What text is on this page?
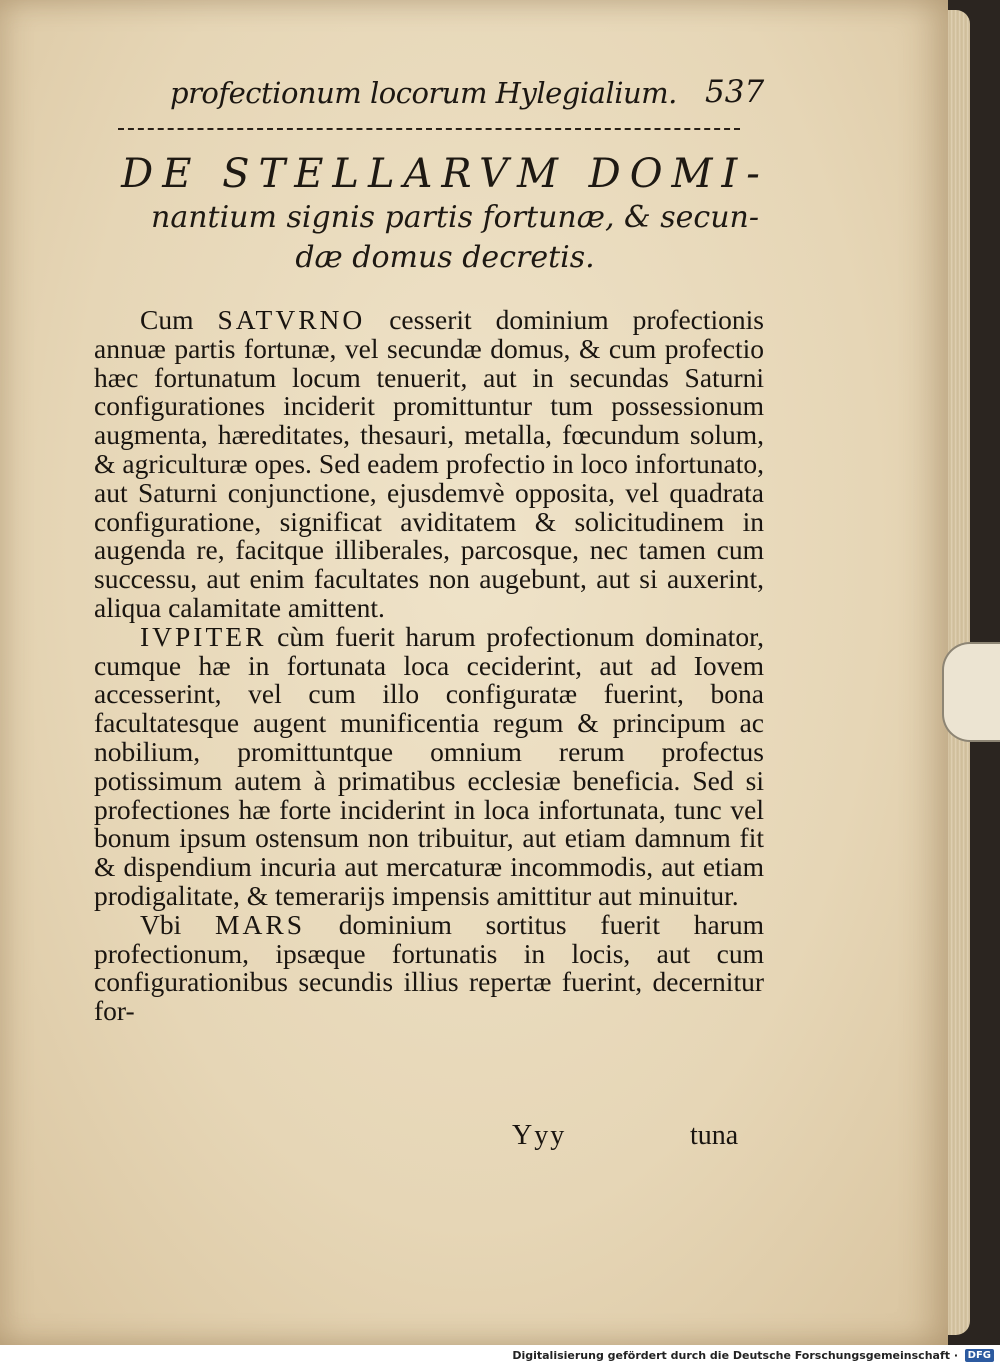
profectionum locorum Hylegialium. 537
DE STELLARVM DOMI-
nantium signis partis fortunæ, & secun-
dæ domus decretis.

Cum SATVRNO cesserit dominium profectionis annuæ partis fortunæ, vel secundæ domus, & cum profectio hæc fortunatum locum tenuerit, aut in secundas Saturni configurationes inciderit promittuntur tum possessionum augmenta, hæreditates, thesauri, metalla, fœcundum solum, & agriculturæ opes. Sed eadem profectio in loco infortunato, aut Saturni conjunctione, ejusdemvè opposita, vel quadrata configuratione, significat aviditatem & solicitudinem in augenda re, facitque illiberales, parcosque, nec tamen cum successu, aut enim facultates non augebunt, aut si auxerint, aliqua calamitate amittent.

IVPITER cùm fuerit harum profectionum dominator, cumque hæ in fortunata loca ceciderint, aut ad Iovem accesserint, vel cum illo configuratæ fuerint, bona facultatesque augent munificentia regum & principum ac nobilium, promittuntque omnium rerum profectus potissimum autem à primatibus ecclesiæ beneficia. Sed si profectiones hæ forte inciderint in loca infortunata, tunc vel bonum ipsum ostensum non tribuitur, aut etiam damnum fit & dispendium incuria aut mercaturæ incommodis, aut etiam prodigalitate, & temerarijs impensis amittitur aut minuitur.

Vbi MARS dominium sortitus fuerit harum profectionum, ipsæque fortunatis in locis, aut cum configurationibus secundis illius repertæ fuerint, decernitur for-

Yyy	tuna
Digitalisierung gefördert durch die Deutsche Forschungsgemeinschaft · DFG
